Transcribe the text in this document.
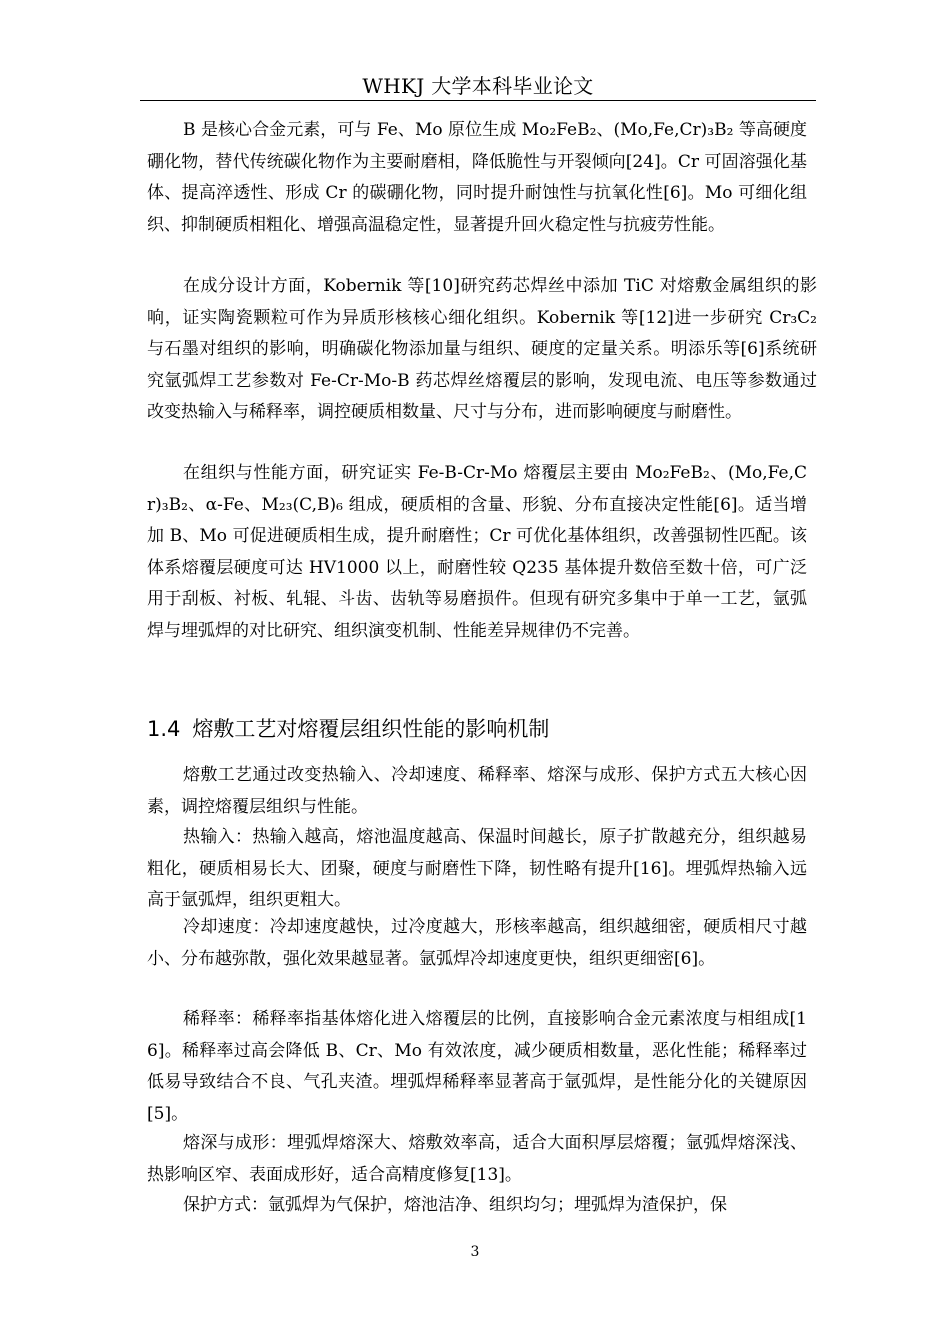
WHKJ 大学本科毕业论文

B 是核心合金元素，可与 Fe、Mo 原位生成 Mo₂FeB₂、(Mo,Fe,Cr)₃B₂ 等高硬度硼化物，替代传统碳化物作为主要耐磨相，降低脆性与开裂倾向[24]。Cr 可固溶强化基体、提高淬透性、形成 Cr 的碳硼化物，同时提升耐蚀性与抗氧化性[6]。Mo 可细化组织、抑制硬质相粗化、增强高温稳定性，显著提升回火稳定性与抗疲劳性能。

在成分设计方面，Kobernik 等[10]研究药芯焊丝中添加 TiC 对熔敷金属组织的影响，证实陶瓷颗粒可作为异质形核核心细化组织。Kobernik 等[12]进一步研究 Cr₃C₂ 与石墨对组织的影响，明确碳化物添加量与组织、硬度的定量关系。明添乐等[6]系统研究氩弧焊工艺参数对 Fe-Cr-Mo-B 药芯焊丝熔覆层的影响，发现电流、电压等参数通过改变热输入与稀释率，调控硬质相数量、尺寸与分布，进而影响硬度与耐磨性。

在组织与性能方面，研究证实 Fe-B-Cr-Mo 熔覆层主要由 Mo₂FeB₂、(Mo,Fe,Cr)₃B₂、α-Fe、M₂₃(C,B)₆ 组成，硬质相的含量、形貌、分布直接决定性能[6]。适当增加 B、Mo 可促进硬质相生成，提升耐磨性；Cr 可优化基体组织，改善强韧性匹配。该体系熔覆层硬度可达 HV1000 以上，耐磨性较 Q235 基体提升数倍至数十倍，可广泛用于刮板、衬板、轧辊、斗齿、齿轨等易磨损件。但现有研究多集中于单一工艺，氩弧焊与埋弧焊的对比研究、组织演变机制、性能差异规律仍不完善。

1.4 熔敷工艺对熔覆层组织性能的影响机制

熔敷工艺通过改变热输入、冷却速度、稀释率、熔深与成形、保护方式五大核心因素，调控熔覆层组织与性能。

热输入：热输入越高，熔池温度越高、保温时间越长，原子扩散越充分，组织越易粗化，硬质相易长大、团聚，硬度与耐磨性下降，韧性略有提升[16]。埋弧焊热输入远高于氩弧焊，组织更粗大。

冷却速度：冷却速度越快，过冷度越大，形核率越高，组织越细密，硬质相尺寸越小、分布越弥散，强化效果越显著。氩弧焊冷却速度更快，组织更细密[6]。

稀释率：稀释率指基体熔化进入熔覆层的比例，直接影响合金元素浓度与相组成[16]。稀释率过高会降低 B、Cr、Mo 有效浓度，减少硬质相数量，恶化性能；稀释率过低易导致结合不良、气孔夹渣。埋弧焊稀释率显著高于氩弧焊，是性能分化的关键原因[5]。

熔深与成形：埋弧焊熔深大、熔敷效率高，适合大面积厚层熔覆；氩弧焊熔深浅、热影响区窄、表面成形好，适合高精度修复[13]。

保护方式：氩弧焊为气保护，熔池洁净、组织均匀；埋弧焊为渣保护，保

3
